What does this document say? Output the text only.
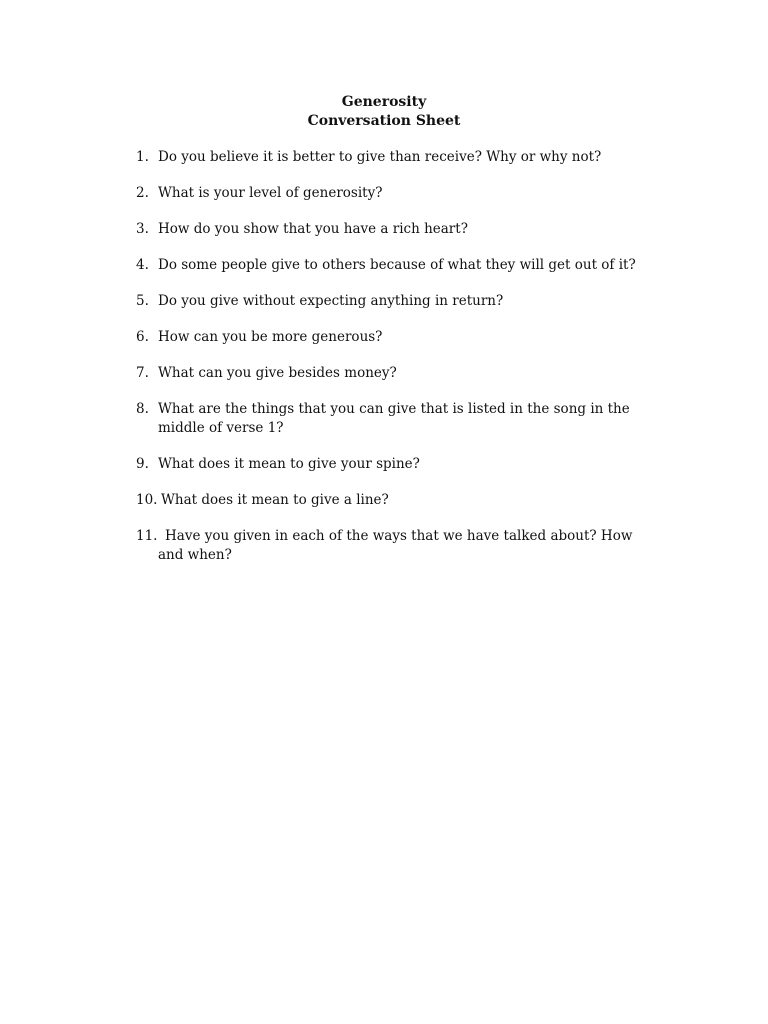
Generosity
Conversation Sheet
1. Do you believe it is better to give than receive? Why or why not?
2. What is your level of generosity?
3. How do you show that you have a rich heart?
4. Do some people give to others because of what they will get out of it?
5. Do you give without expecting anything in return?
6. How can you be more generous?
7. What can you give besides money?
8. What are the things that you can give that is listed in the song in the middle of verse 1?
9. What does it mean to give your spine?
10. What does it mean to give a line?
11. Have you given in each of the ways that we have talked about? How and when?
